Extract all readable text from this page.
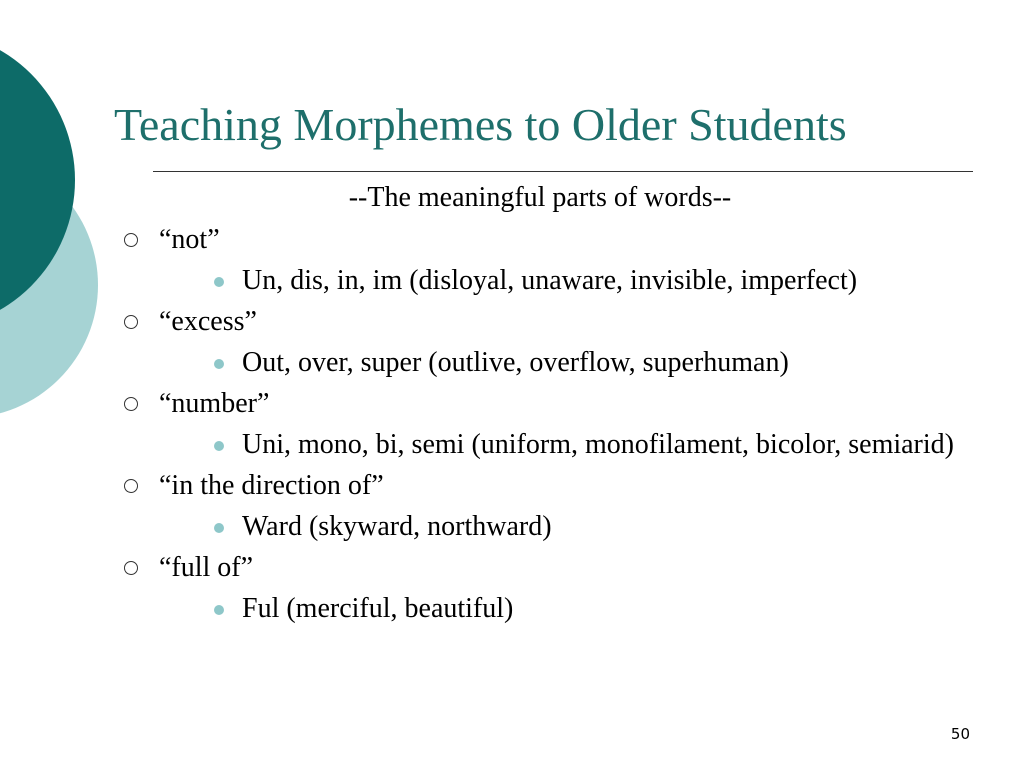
Teaching Morphemes to Older Students
--The meaningful parts of words--
“not”
Un, dis, in, im (disloyal, unaware, invisible, imperfect)
“excess”
Out, over, super (outlive, overflow, superhuman)
“number”
Uni, mono, bi, semi (uniform, monofilament, bicolor, semiarid)
“in the direction of”
Ward (skyward, northward)
“full of”
Ful (merciful, beautiful)
50
